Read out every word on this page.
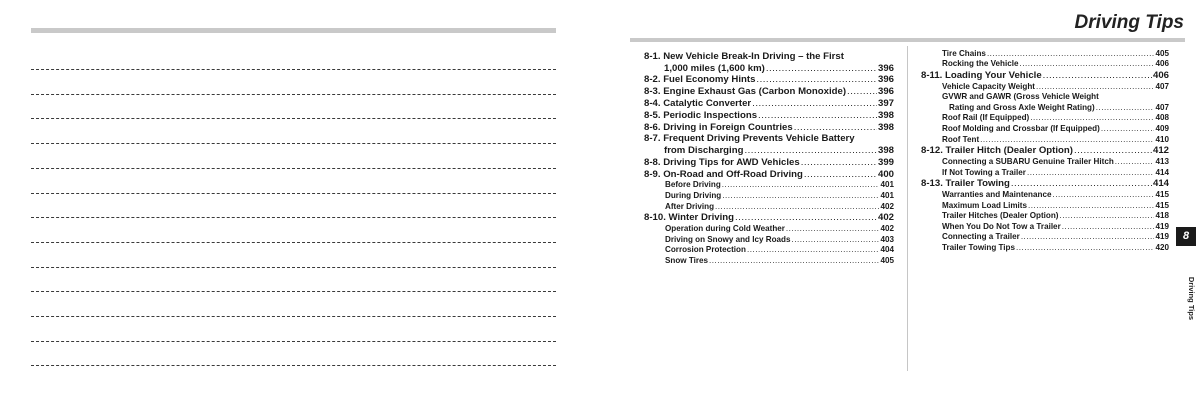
Driving Tips
8-1. New Vehicle Break-In Driving – the First
1,000 miles (1,600 km) .....	396
8-2. Fuel Economy Hints .....	396
8-3. Engine Exhaust Gas (Carbon Monoxide) .....	396
8-4. Catalytic Converter .....	397
8-5. Periodic Inspections .....	398
8-6. Driving in Foreign Countries .....	398
8-7. Frequent Driving Prevents Vehicle Battery
from Discharging .....	398
8-8. Driving Tips for AWD Vehicles .....	399
8-9. On-Road and Off-Road Driving .....	400
Before Driving .....	401
During Driving .....	401
After Driving .....	402
8-10. Winter Driving .....	402
Operation during Cold Weather .....	402
Driving on Snowy and Icy Roads .....	403
Corrosion Protection .....	404
Snow Tires .....	405
Tire Chains .....	405
Rocking the Vehicle .....	406
8-11. Loading Your Vehicle .....	406
Vehicle Capacity Weight .....	407
GVWR and GAWR (Gross Vehicle Weight
Rating and Gross Axle Weight Rating) .....	407
Roof Rail (If Equipped) .....	408
Roof Molding and Crossbar (If Equipped) .....	409
Roof Tent .....	410
8-12. Trailer Hitch (Dealer Option) .....	412
Connecting a SUBARU Genuine Trailer Hitch .....	413
If Not Towing a Trailer .....	414
8-13. Trailer Towing .....	414
Warranties and Maintenance .....	415
Maximum Load Limits .....	415
Trailer Hitches (Dealer Option) .....	418
When You Do Not Tow a Trailer .....	419
Connecting a Trailer .....	419
Trailer Towing Tips .....	420
8
Driving Tips
